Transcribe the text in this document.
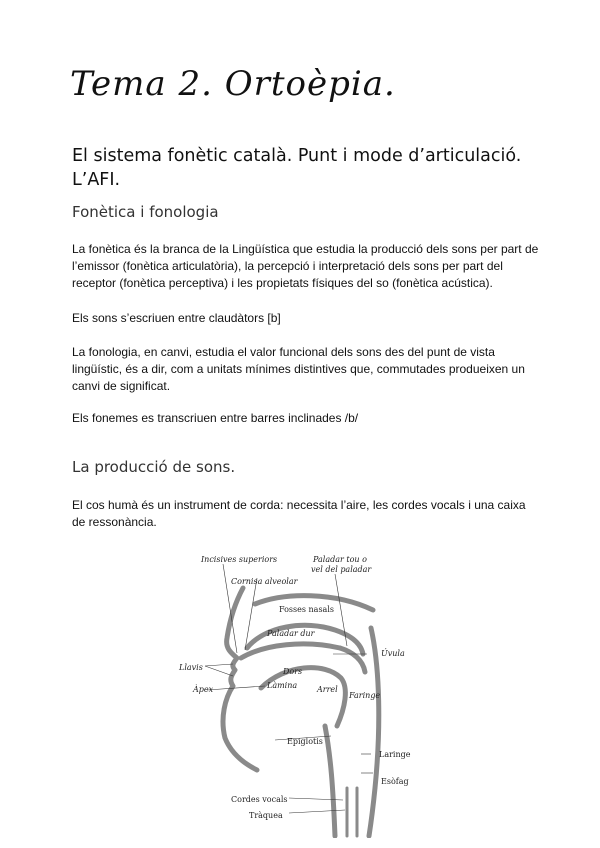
Tema 2. Ortoèpia.
El sistema fonètic català. Punt i mode d’articulació. L’AFI.
Fonètica i fonologia

La fonètica és la branca de la Lingüística que estudia la producció dels sons per part de l’emissor (fonètica articulatòria), la percepció i interpretació dels sons per part del receptor (fonètica perceptiva) i les propietats físiques del so (fonètica acústica).

Els sons s’escriuen entre claudàtors [b]

La fonologia, en canvi, estudia el valor funcional dels sons des del punt de vista lingüístic, és a dir, com a unitats mínimes distintives que, commutades produeixen un canvi de significat.

Els fonemes es transcriuen entre barres inclinades /b/

La producció de sons.

El cos humà és un instrument de corda: necessita l’aire, les cordes vocals i una caixa de ressonància.

Incisives superiors
Cornisa alveolar
Paladar tou o
vel del paladar
Fosses nasals
Paladar dur
Úvula
Llavis	Dors
Làmina
Àpex	Arrel
Faringe
Epiglotis
Laringe
Esòfag
Cordes vocals
Tràquea
